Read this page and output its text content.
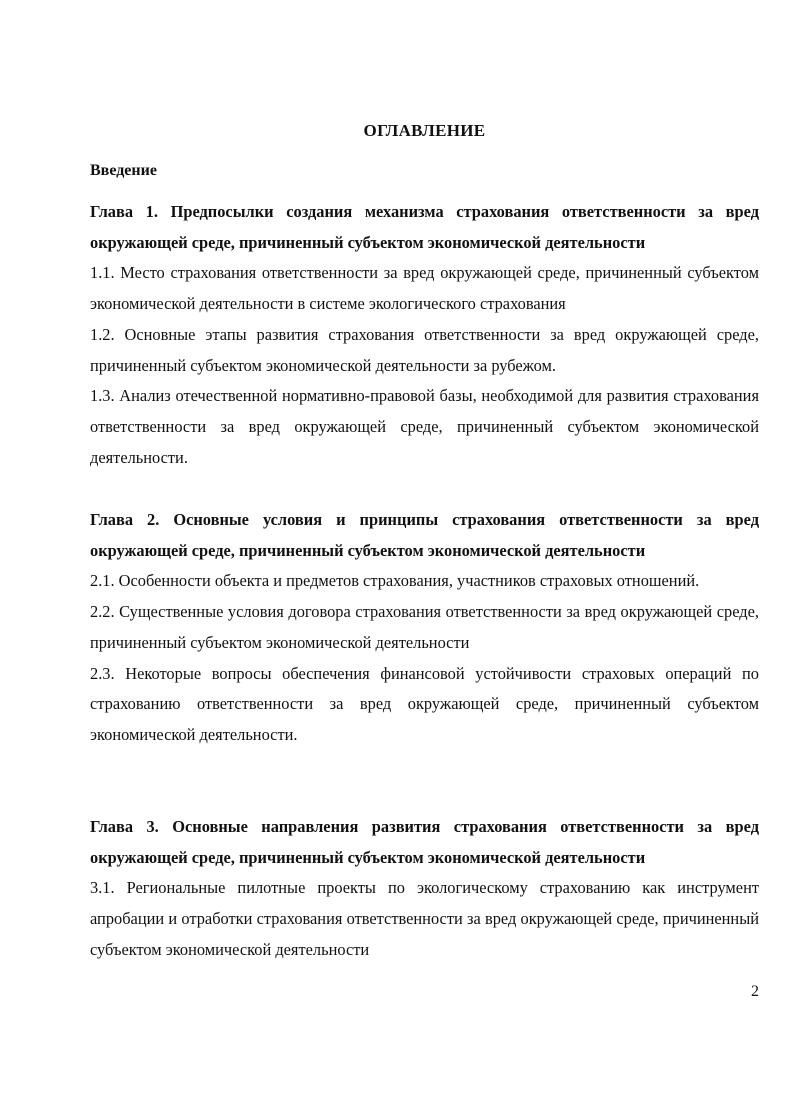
ОГЛАВЛЕНИЕ
Введение

Глава 1. Предпосылки создания механизма страхования ответственности за вред окружающей среде, причиненный субъектом экономической деятельности

1.1. Место страхования ответственности за вред окружающей среде, причиненный субъектом экономической деятельности в системе экологического страхования

1.2. Основные этапы развития страхования ответственности за вред окружающей среде, причиненный субъектом экономической деятельности за рубежом.

1.3. Анализ отечественной нормативно-правовой базы, необходимой для развития страхования ответственности за вред окружающей среде, причиненный субъектом экономической деятельности.

Глава 2. Основные условия и принципы страхования ответственности за вред окружающей среде, причиненный субъектом экономической деятельности

2.1. Особенности объекта и предметов страхования, участников страховых отношений.

2.2. Существенные условия договора страхования ответственности за вред окружающей среде, причиненный субъектом экономической деятельности

2.3. Некоторые вопросы обеспечения финансовой устойчивости страховых операций по страхованию ответственности за вред окружающей среде, причиненный субъектом экономической деятельности.

Глава 3. Основные направления развития страхования ответственности за вред окружающей среде, причиненный субъектом экономической деятельности

3.1. Региональные пилотные проекты по экологическому страхованию как инструмент апробации и отработки страхования ответственности за вред окружающей среде, причиненный субъектом экономической деятельности

2
